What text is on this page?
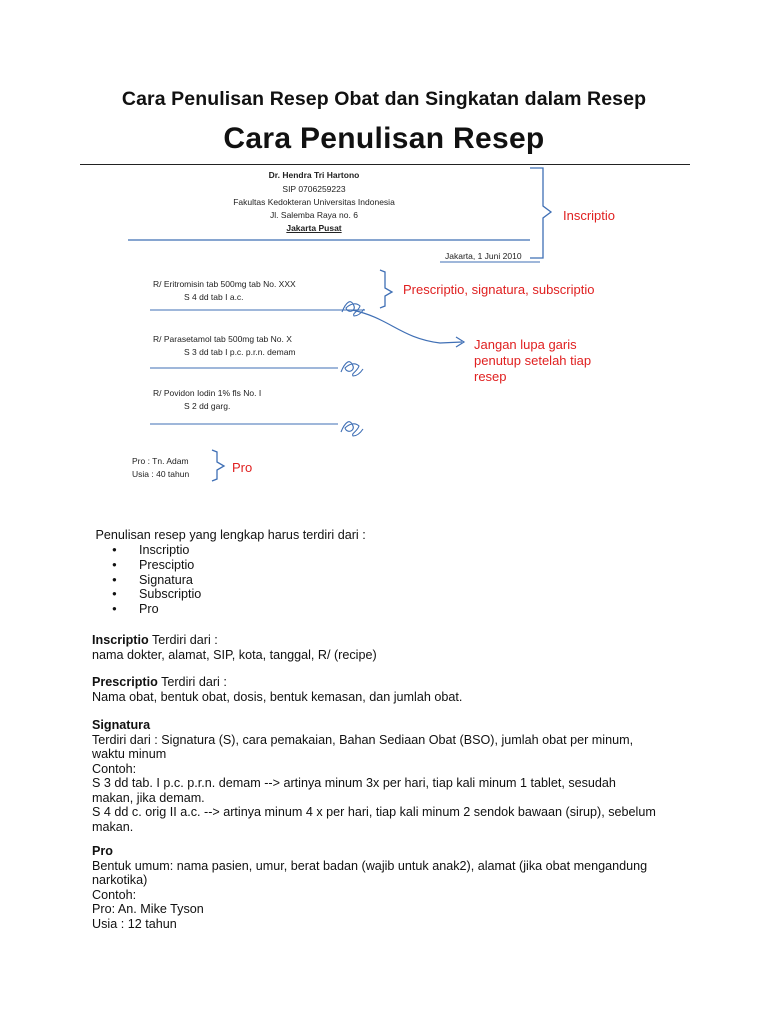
Cara Penulisan Resep Obat dan Singkatan dalam Resep
Cara Penulisan Resep
Dr. Hendra Tri Hartono
SIP 0706259223
Fakultas Kedokteran Universitas Indonesia
Jl. Salemba Raya no. 6
Jakarta Pusat
Jakarta, 1 Juni 2010
R/ Eritromisin tab 500mg tab No. XXX
S 4 dd tab I a.c.
R/ Parasetamol tab 500mg tab No. X
S 3 dd tab I p.c. p.r.n. demam
R/ Povidon Iodin 1% fls No. I
S 2 dd garg.
Pro : Tn. Adam
Usia : 40 tahun
Inscriptio
Prescriptio, signatura, subscriptio
Jangan lupa garis
penutup setelah tiap
resep
Pro
Penulisan resep yang lengkap harus terdiri dari :
● Inscriptio
● Presciptio
● Signatura
● Subscriptio
● Pro
Inscriptio Terdiri dari :
nama dokter, alamat, SIP, kota, tanggal, R/ (recipe)
Prescriptio Terdiri dari :
Nama obat, bentuk obat, dosis, bentuk kemasan, dan jumlah obat.
Signatura
Terdiri dari : Signatura (S), cara pemakaian, Bahan Sediaan Obat (BSO), jumlah obat per minum,
waktu minum
Contoh:
S 3 dd tab. I p.c. p.r.n. demam --> artinya minum 3x per hari, tiap kali minum 1 tablet, sesudah
makan, jika demam.
S 4 dd c. orig II a.c. --> artinya minum 4 x per hari, tiap kali minum 2 sendok bawaan (sirup), sebelum
makan.
Pro
Bentuk umum: nama pasien, umur, berat badan (wajib untuk anak2), alamat (jika obat mengandung
narkotika)
Contoh:
Pro: An. Mike Tyson
Usia : 12 tahun
